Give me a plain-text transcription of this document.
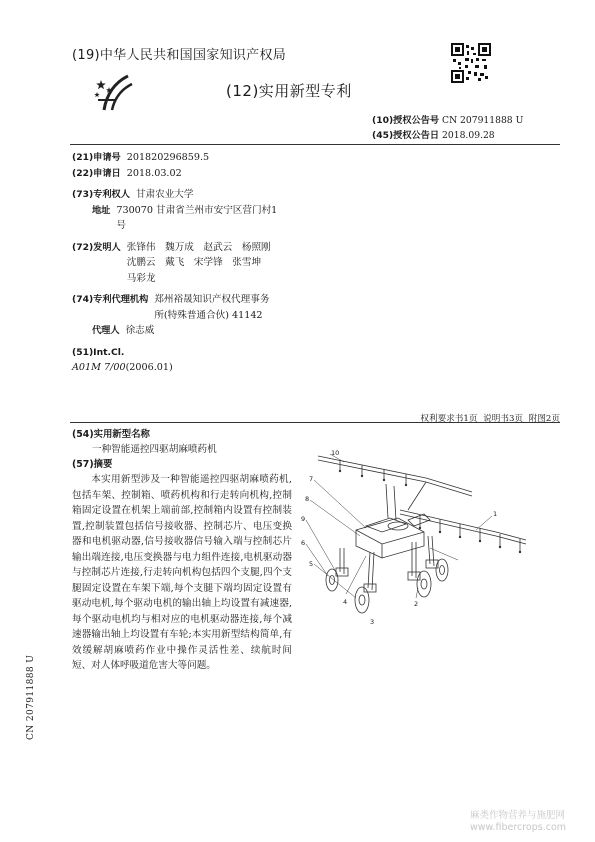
(19)中华人民共和国国家知识产权局
(12)实用新型专利
(10)授权公告号 CN 207911888 U
(45)授权公告日 2018.09.28
(21)申请号 201820296859.5
(22)申请日 2018.03.02
(73)专利权人 甘肃农业大学
地址 730070 甘肃省兰州市安宁区营门村1
号
(72)发明人 张锋伟　魏万成　赵武云　杨照刚
沈鹏云　戴飞　宋学锋　张雪坤
马彩龙
(74)专利代理机构 郑州裕晟知识产权代理事务
所(特殊普通合伙) 41142
代理人 徐志威
(51)Int.Cl.
A01M 7/00 (2006.01)
权利要求书1页 说明书3页 附图2页
(54)实用新型名称
一种智能遥控四驱胡麻喷药机
(57)摘要
本实用新型涉及一种智能遥控四驱胡麻喷药机,包括车架、控制箱、喷药机构和行走转向机构,控制箱固定设置在机架上端前部,控制箱内设置有控制装置,控制装置包括信号接收器、控制芯片、电压变换器和电机驱动器,信号接收器信号输入端与控制芯片输出端连接,电压变换器与电力组件连接,电机驱动器与控制芯片连接,行走转向机构包括四个支腿,四个支腿固定设置在车架下端,每个支腿下端均固定设置有驱动电机,每个驱动电机的输出轴上均设置有减速器,每个驱动电机均与相对应的电机驱动器连接,每个减速器输出轴上均设置有车轮;本实用新型结构简单,有效缓解胡麻喷药作业中操作灵活性差、续航时间短、对人体呼吸道危害大等问题。
10
7
8
9
6
5
4
3
2
1
CN 207911888 U
麻类作物营养与施肥网
www.fibercrops.com
